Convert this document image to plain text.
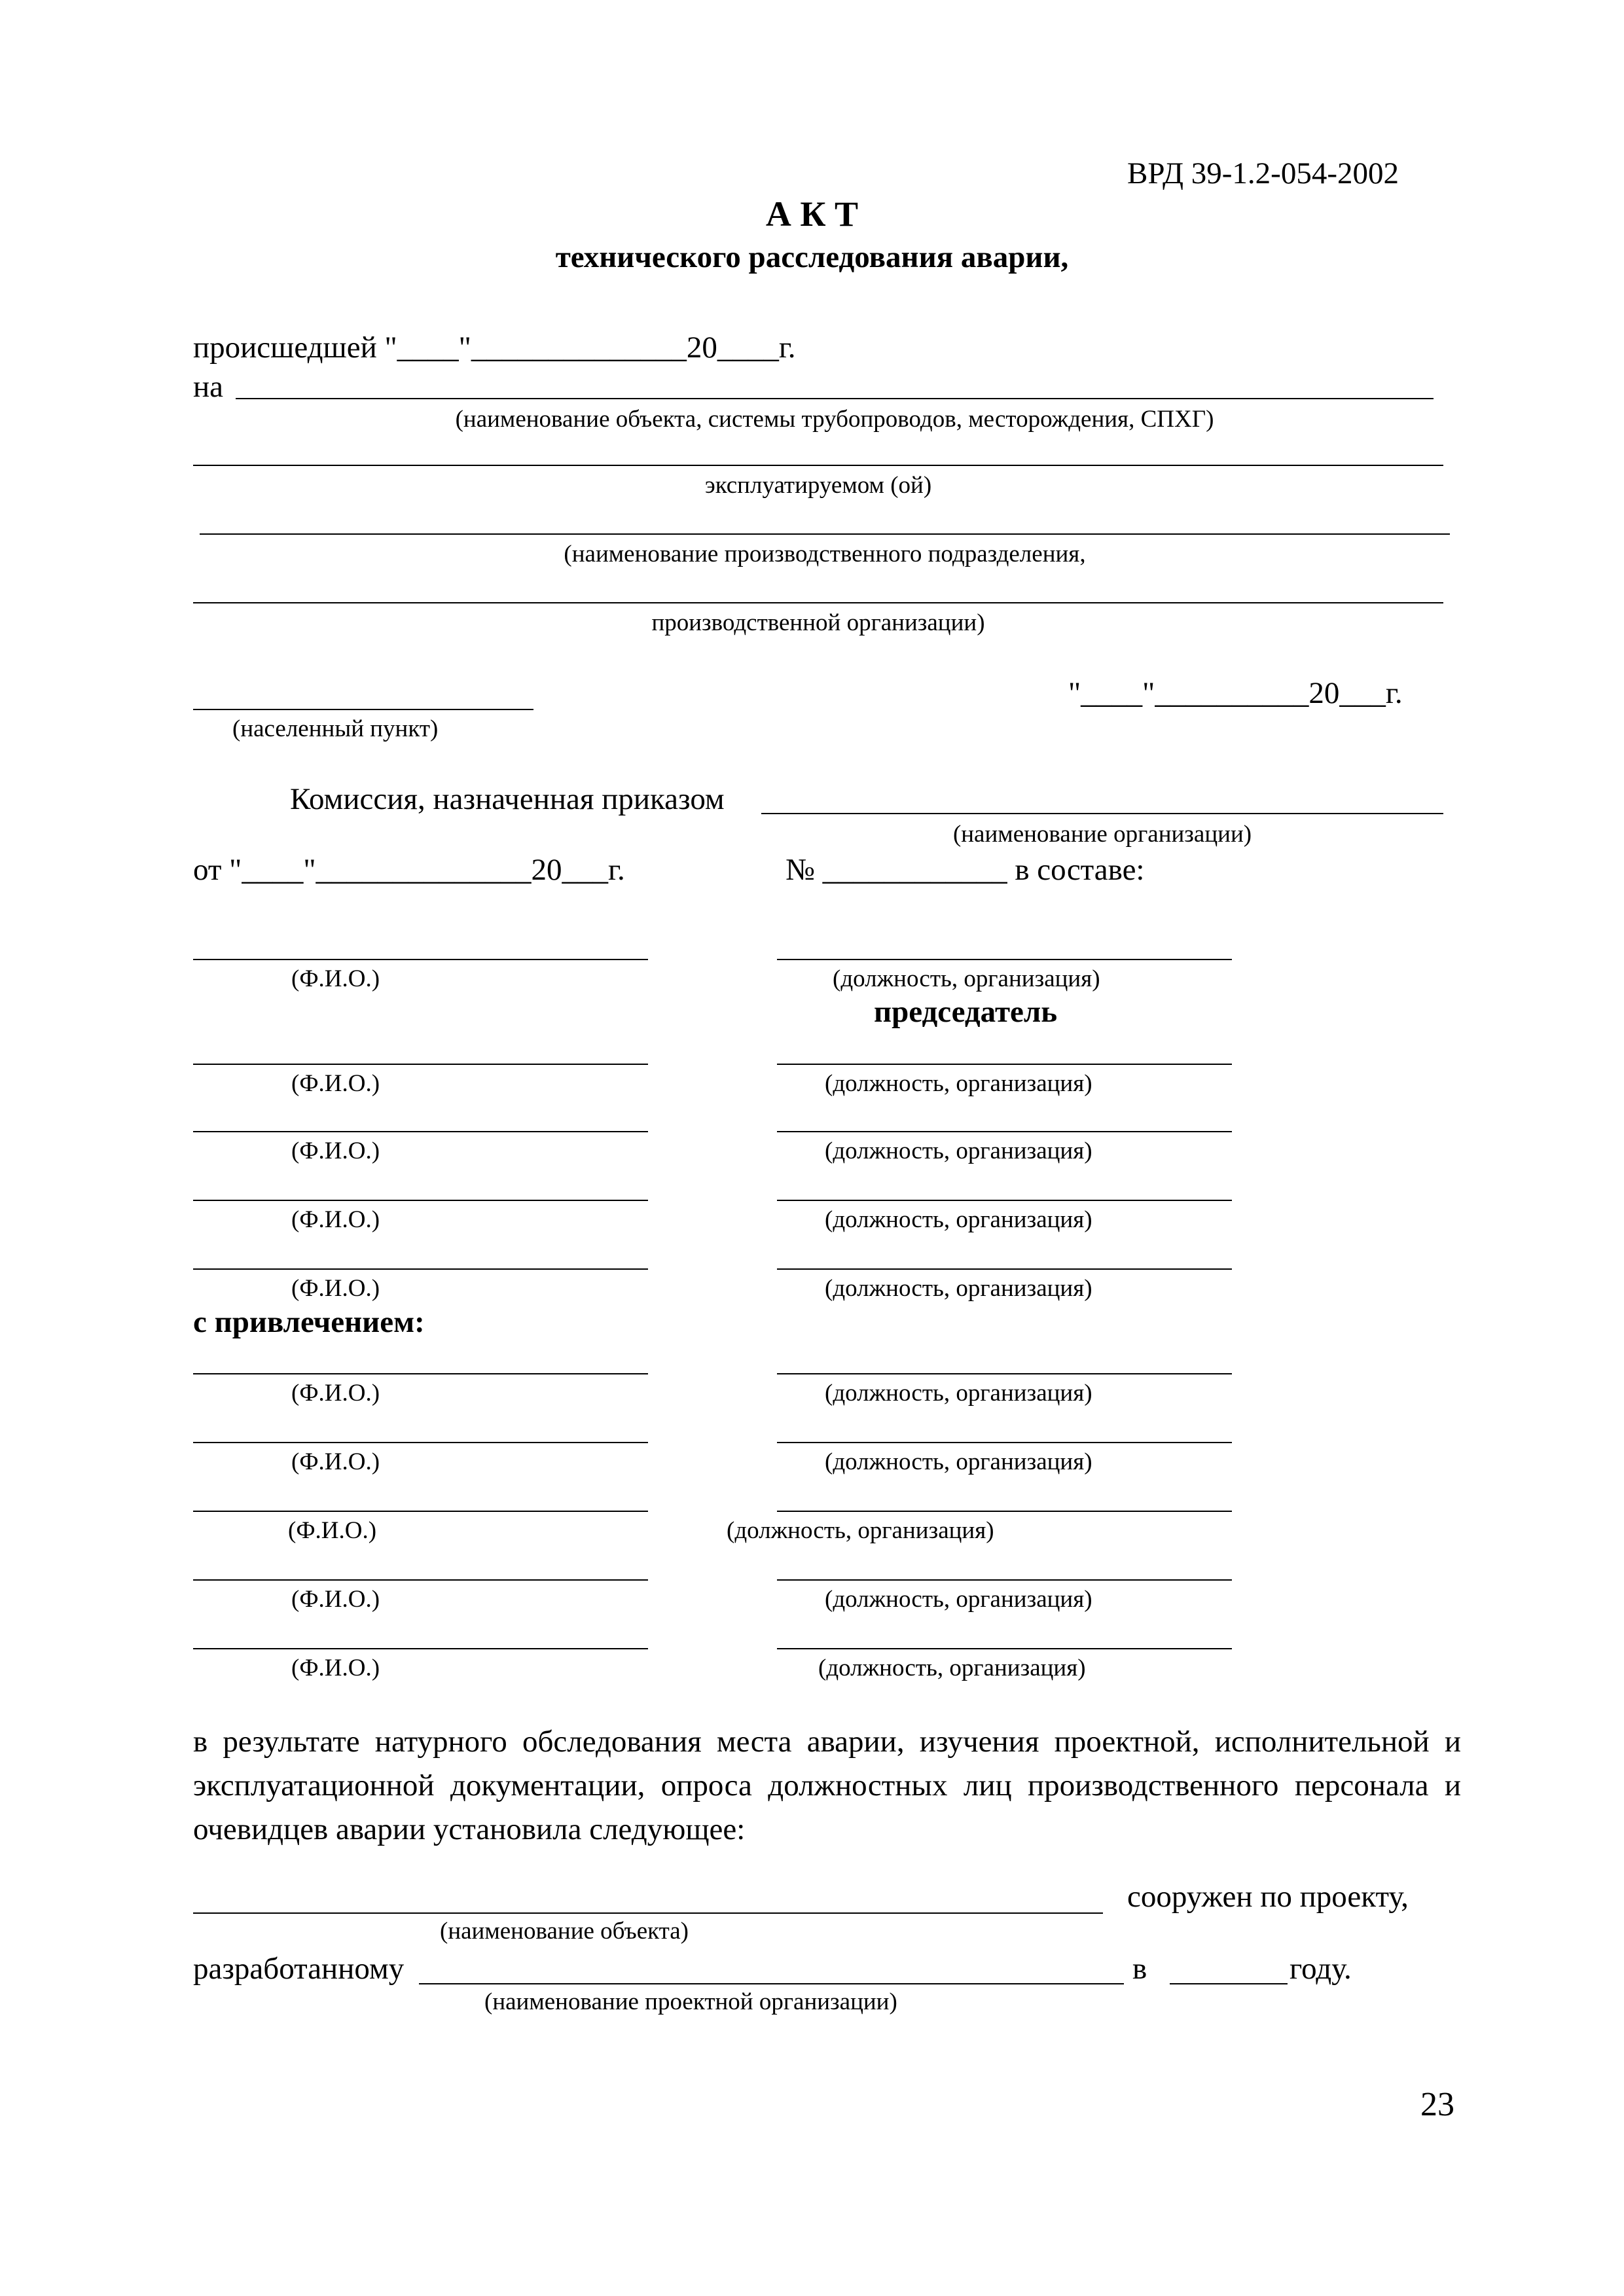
ВРД 39-1.2-054-2002
А К Т
технического расследования аварии,
происшедшей "____"______________20____г.
на
(наименование объекта, системы трубопроводов, месторождения, СПХГ)
эксплуатируемом (ой)
(наименование производственного подразделения,
производственной организации)
"____"__________20___г.
(населенный пункт)
Комиссия, назначенная приказом
(наименование организации)
от "____"______________20___г.	№ ____________ в составе:
(Ф.И.О.)	(должность, организация)
председатель
(Ф.И.О.)	(должность, организация)
(Ф.И.О.)	(должность, организация)
(Ф.И.О.)	(должность, организация)
(Ф.И.О.)	(должность, организация)
с привлечением:
(Ф.И.О.)	(должность, организация)
(Ф.И.О.)	(должность, организация)
(Ф.И.О.)	(должность, организация)
(Ф.И.О.)	(должность, организация)
(Ф.И.О.)	(должность, организация)
в результате натурного обследования места аварии, изучения проектной, исполнительной и эксплуатационной документации, опроса должностных лиц производственного персонала и очевидцев аварии установила следующее:
сооружен по проекту,
(наименование объекта)
разработанному	в	году.
(наименование проектной организации)
23
